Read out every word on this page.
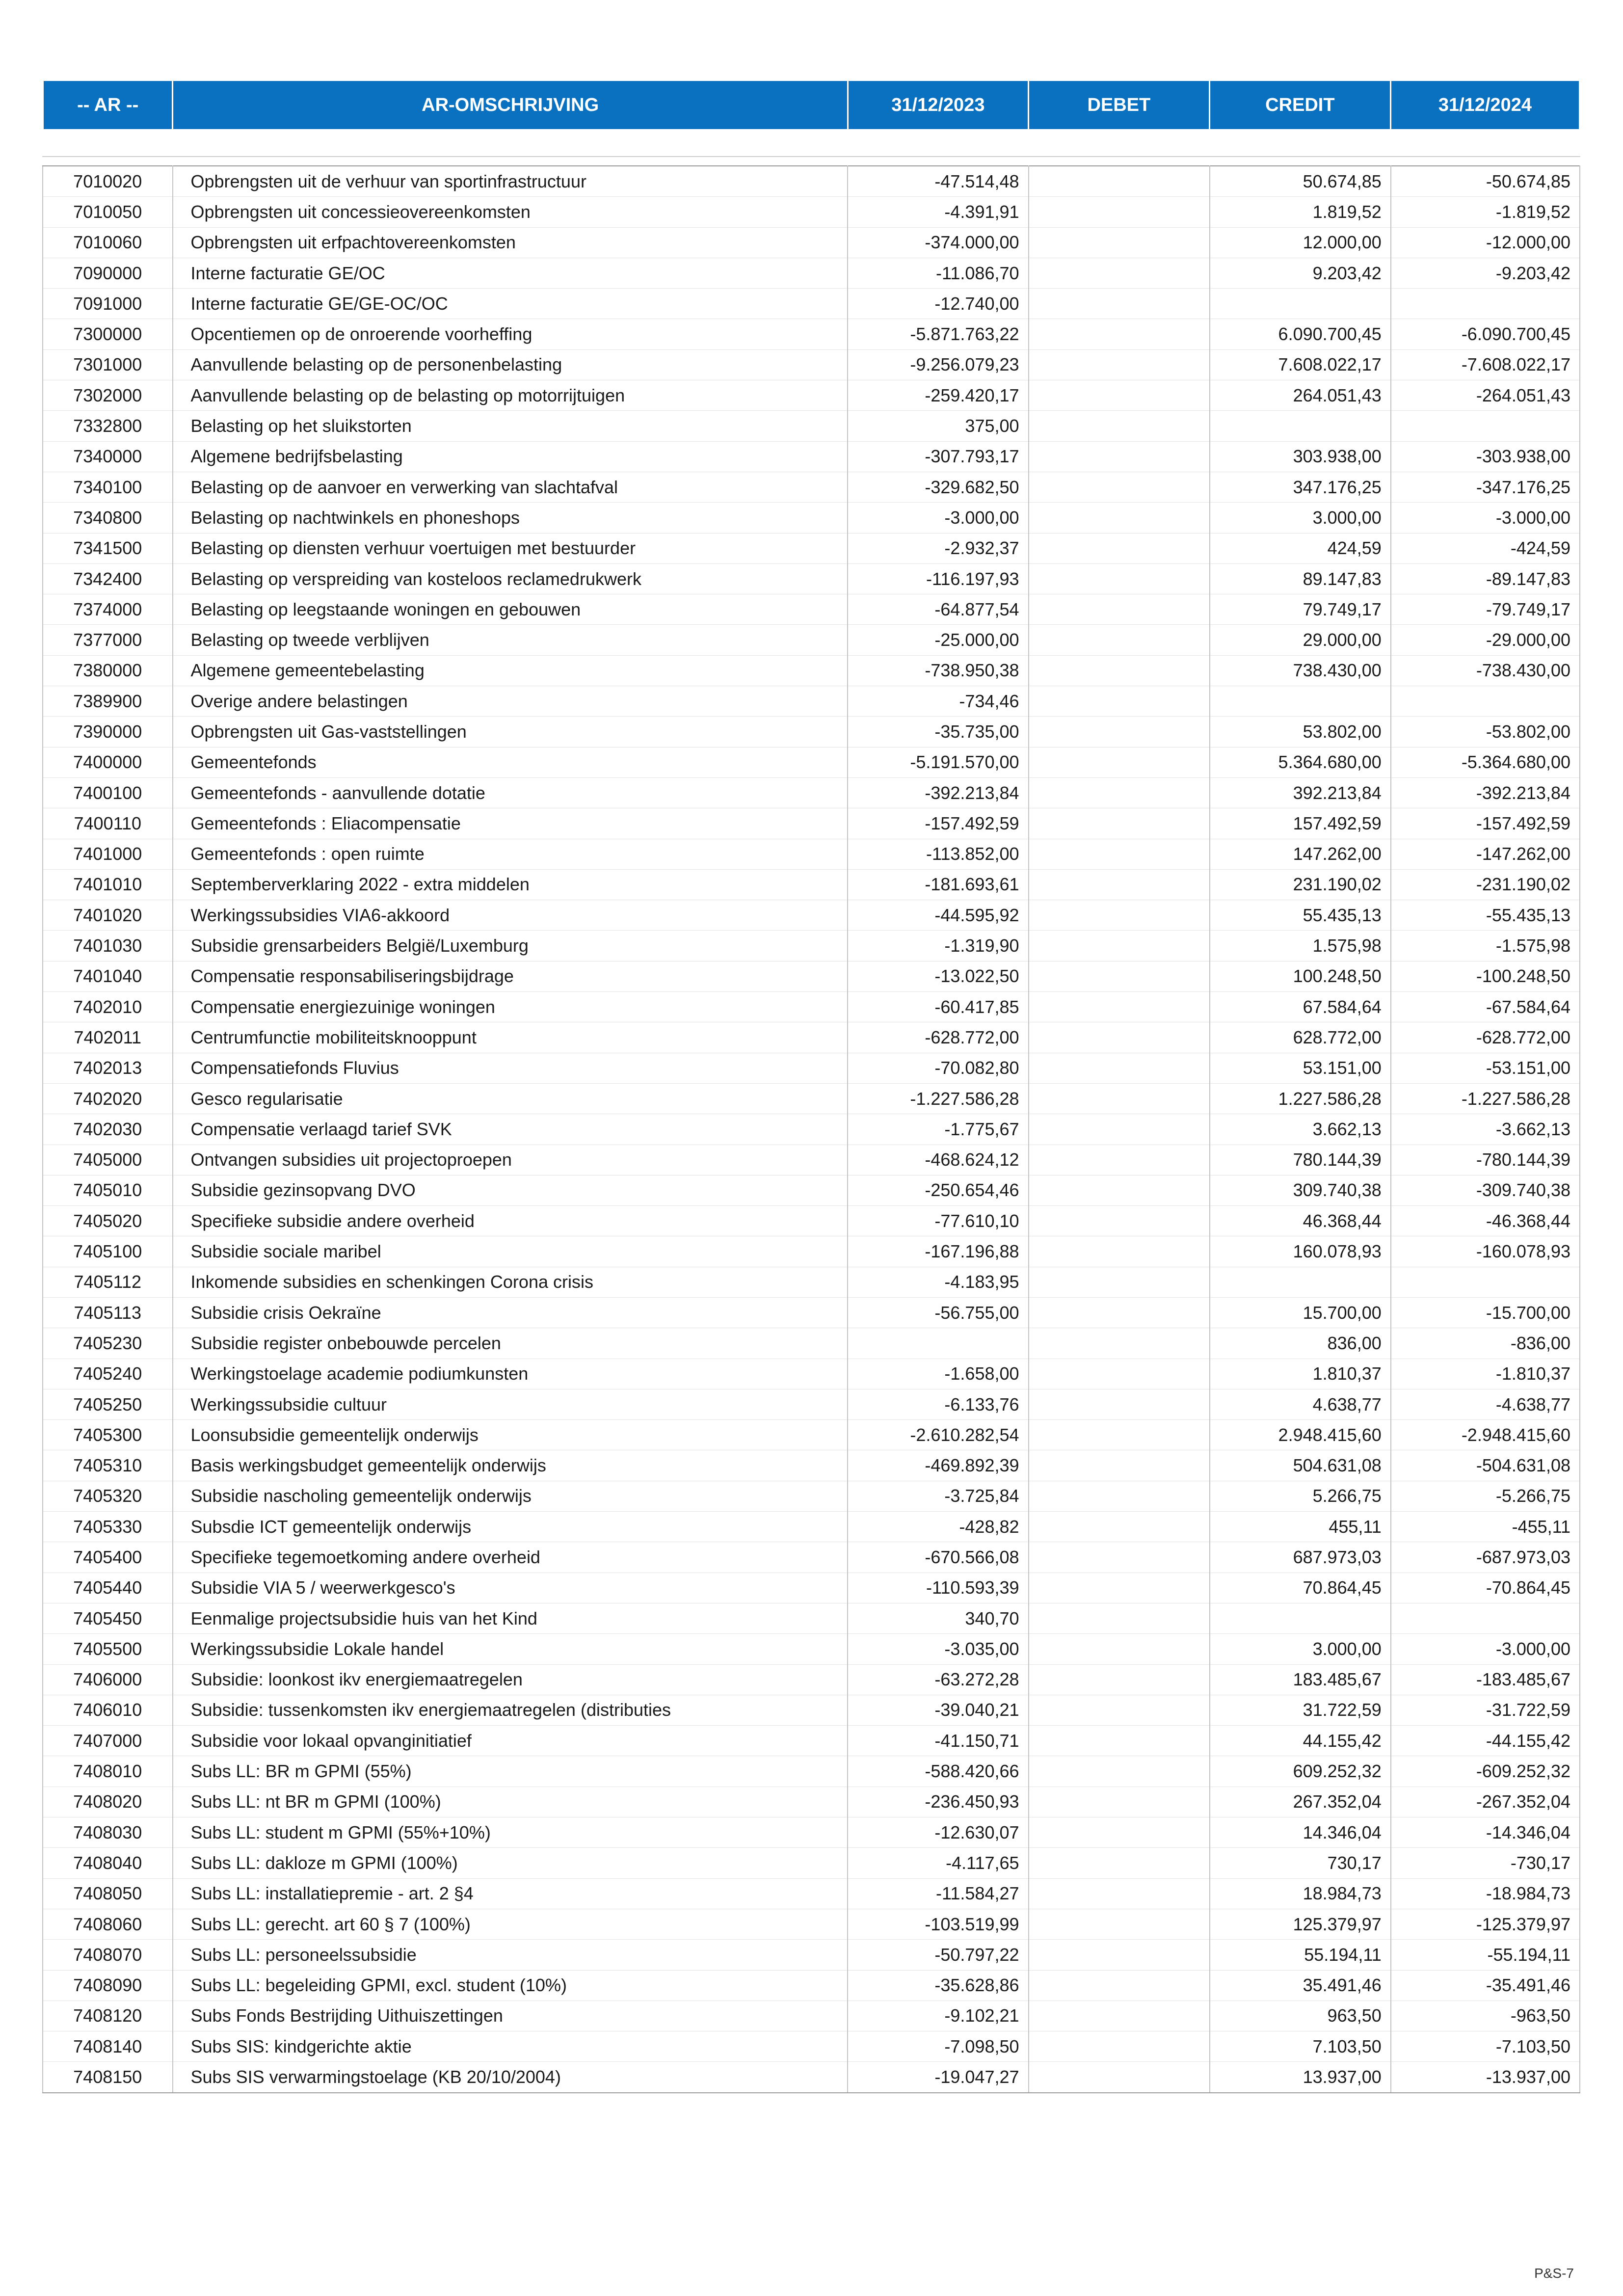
-- AR --	AR-OMSCHRIJVING	31/12/2023	DEBET	CREDIT	31/12/2024
7010020	Opbrengsten uit de verhuur van sportinfrastructuur	-47.514,48		50.674,85	-50.674,85
7010050	Opbrengsten uit concessieovereenkomsten	-4.391,91		1.819,52	-1.819,52
7010060	Opbrengsten uit erfpachtovereenkomsten	-374.000,00		12.000,00	-12.000,00
7090000	Interne facturatie GE/OC	-11.086,70		9.203,42	-9.203,42
7091000	Interne facturatie GE/GE-OC/OC	-12.740,00			
7300000	Opcentiemen op de onroerende voorheffing	-5.871.763,22		6.090.700,45	-6.090.700,45
7301000	Aanvullende belasting op de personenbelasting	-9.256.079,23		7.608.022,17	-7.608.022,17
7302000	Aanvullende belasting op de belasting op motorrijtuigen	-259.420,17		264.051,43	-264.051,43
7332800	Belasting op het sluikstorten	375,00			
7340000	Algemene bedrijfsbelasting	-307.793,17		303.938,00	-303.938,00
7340100	Belasting op de aanvoer en verwerking van slachtafval	-329.682,50		347.176,25	-347.176,25
7340800	Belasting op nachtwinkels en phoneshops	-3.000,00		3.000,00	-3.000,00
7341500	Belasting op diensten verhuur voertuigen met bestuurder	-2.932,37		424,59	-424,59
7342400	Belasting op verspreiding van kosteloos reclamedrukwerk	-116.197,93		89.147,83	-89.147,83
7374000	Belasting op leegstaande woningen en gebouwen	-64.877,54		79.749,17	-79.749,17
7377000	Belasting op tweede verblijven	-25.000,00		29.000,00	-29.000,00
7380000	Algemene gemeentebelasting	-738.950,38		738.430,00	-738.430,00
7389900	Overige andere belastingen	-734,46			
7390000	Opbrengsten uit Gas-vaststellingen	-35.735,00		53.802,00	-53.802,00
7400000	Gemeentefonds	-5.191.570,00		5.364.680,00	-5.364.680,00
7400100	Gemeentefonds - aanvullende dotatie	-392.213,84		392.213,84	-392.213,84
7400110	Gemeentefonds : Eliacompensatie	-157.492,59		157.492,59	-157.492,59
7401000	Gemeentefonds : open ruimte	-113.852,00		147.262,00	-147.262,00
7401010	Septemberverklaring 2022 - extra middelen	-181.693,61		231.190,02	-231.190,02
7401020	Werkingssubsidies VIA6-akkoord	-44.595,92		55.435,13	-55.435,13
7401030	Subsidie grensarbeiders België/Luxemburg	-1.319,90		1.575,98	-1.575,98
7401040	Compensatie responsabiliseringsbijdrage	-13.022,50		100.248,50	-100.248,50
7402010	Compensatie energiezuinige woningen	-60.417,85		67.584,64	-67.584,64
7402011	Centrumfunctie mobiliteitsknooppunt	-628.772,00		628.772,00	-628.772,00
7402013	Compensatiefonds Fluvius	-70.082,80		53.151,00	-53.151,00
7402020	Gesco regularisatie	-1.227.586,28		1.227.586,28	-1.227.586,28
7402030	Compensatie verlaagd tarief SVK	-1.775,67		3.662,13	-3.662,13
7405000	Ontvangen subsidies uit projectoproepen	-468.624,12		780.144,39	-780.144,39
7405010	Subsidie gezinsopvang DVO	-250.654,46		309.740,38	-309.740,38
7405020	Specifieke subsidie andere overheid	-77.610,10		46.368,44	-46.368,44
7405100	Subsidie sociale maribel	-167.196,88		160.078,93	-160.078,93
7405112	Inkomende subsidies en schenkingen Corona crisis	-4.183,95			
7405113	Subsidie crisis Oekraïne	-56.755,00		15.700,00	-15.700,00
7405230	Subsidie register onbebouwde percelen			836,00	-836,00
7405240	Werkingstoelage academie podiumkunsten	-1.658,00		1.810,37	-1.810,37
7405250	Werkingssubsidie cultuur	-6.133,76		4.638,77	-4.638,77
7405300	Loonsubsidie gemeentelijk onderwijs	-2.610.282,54		2.948.415,60	-2.948.415,60
7405310	Basis werkingsbudget gemeentelijk onderwijs	-469.892,39		504.631,08	-504.631,08
7405320	Subsidie nascholing gemeentelijk onderwijs	-3.725,84		5.266,75	-5.266,75
7405330	Subsdie ICT gemeentelijk onderwijs	-428,82		455,11	-455,11
7405400	Specifieke tegemoetkoming andere overheid	-670.566,08		687.973,03	-687.973,03
7405440	Subsidie VIA 5 / weerwerkgesco's	-110.593,39		70.864,45	-70.864,45
7405450	Eenmalige projectsubsidie huis van het Kind	340,70			
7405500	Werkingssubsidie Lokale handel	-3.035,00		3.000,00	-3.000,00
7406000	Subsidie: loonkost ikv energiemaatregelen	-63.272,28		183.485,67	-183.485,67
7406010	Subsidie: tussenkomsten ikv energiemaatregelen (distributies	-39.040,21		31.722,59	-31.722,59
7407000	Subsidie voor lokaal opvanginitiatief	-41.150,71		44.155,42	-44.155,42
7408010	Subs LL: BR m GPMI (55%)	-588.420,66		609.252,32	-609.252,32
7408020	Subs LL: nt BR m GPMI (100%)	-236.450,93		267.352,04	-267.352,04
7408030	Subs LL: student m GPMI (55%+10%)	-12.630,07		14.346,04	-14.346,04
7408040	Subs LL: dakloze m GPMI (100%)	-4.117,65		730,17	-730,17
7408050	Subs LL: installatiepremie - art. 2 §4	-11.584,27		18.984,73	-18.984,73
7408060	Subs LL: gerecht. art 60 § 7 (100%)	-103.519,99		125.379,97	-125.379,97
7408070	Subs LL: personeelssubsidie	-50.797,22		55.194,11	-55.194,11
7408090	Subs LL: begeleiding GPMI, excl. student (10%)	-35.628,86		35.491,46	-35.491,46
7408120	Subs Fonds Bestrijding Uithuiszettingen	-9.102,21		963,50	-963,50
7408140	Subs SIS: kindgerichte aktie	-7.098,50		7.103,50	-7.103,50
7408150	Subs SIS verwarmingstoelage (KB 20/10/2004)	-19.047,27		13.937,00	-13.937,00
P&S-7
